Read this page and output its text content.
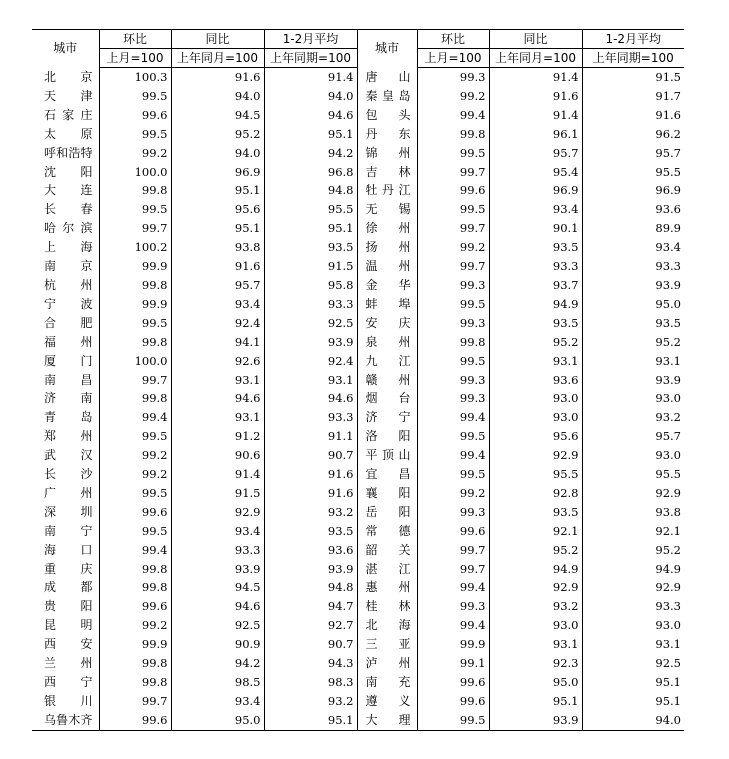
城市	环比	同比	1-2月平均	城市	环比	同比	1-2月平均
	上月=100	上年同月=100	上年同期=100		上月=100	上年同月=100	上年同期=100
北京	100.3	91.6	91.4	唐山	99.3	91.4	91.5
天津	99.5	94.0	94.0	秦皇岛	99.2	91.6	91.7
石家庄	99.6	94.5	94.6	包头	99.4	91.4	91.6
太原	99.5	95.2	95.1	丹东	99.8	96.1	96.2
呼和浩特	99.2	94.0	94.2	锦州	99.5	95.7	95.7
沈阳	100.0	96.9	96.8	吉林	99.7	95.4	95.5
大连	99.8	95.1	94.8	牡丹江	99.6	96.9	96.9
长春	99.5	95.6	95.5	无锡	99.5	93.4	93.6
哈尔滨	99.7	95.1	95.1	徐州	99.7	90.1	89.9
上海	100.2	93.8	93.5	扬州	99.2	93.5	93.4
南京	99.9	91.6	91.5	温州	99.7	93.3	93.3
杭州	99.8	95.7	95.8	金华	99.3	93.7	93.9
宁波	99.9	93.4	93.3	蚌埠	99.5	94.9	95.0
合肥	99.5	92.4	92.5	安庆	99.3	93.5	93.5
福州	99.8	94.1	93.9	泉州	99.8	95.2	95.2
厦门	100.0	92.6	92.4	九江	99.5	93.1	93.1
南昌	99.7	93.1	93.1	赣州	99.3	93.6	93.9
济南	99.8	94.6	94.6	烟台	99.3	93.0	93.0
青岛	99.4	93.1	93.3	济宁	99.4	93.0	93.2
郑州	99.5	91.2	91.1	洛阳	99.5	95.6	95.7
武汉	99.2	90.6	90.7	平顶山	99.4	92.9	93.0
长沙	99.2	91.4	91.6	宜昌	99.5	95.5	95.5
广州	99.5	91.5	91.6	襄阳	99.2	92.8	92.9
深圳	99.6	92.9	93.2	岳阳	99.3	93.5	93.8
南宁	99.5	93.4	93.5	常德	99.6	92.1	92.1
海口	99.4	93.3	93.6	韶关	99.7	95.2	95.2
重庆	99.8	93.9	93.9	湛江	99.7	94.9	94.9
成都	99.8	94.5	94.8	惠州	99.4	92.9	92.9
贵阳	99.6	94.6	94.7	桂林	99.3	93.2	93.3
昆明	99.2	92.5	92.7	北海	99.4	93.0	93.0
西安	99.9	90.9	90.7	三亚	99.9	93.1	93.1
兰州	99.8	94.2	94.3	泸州	99.1	92.3	92.5
西宁	99.8	98.5	98.3	南充	99.6	95.0	95.1
银川	99.7	93.4	93.2	遵义	99.6	95.1	95.1
乌鲁木齐	99.6	95.0	95.1	大理	99.5	93.9	94.0
